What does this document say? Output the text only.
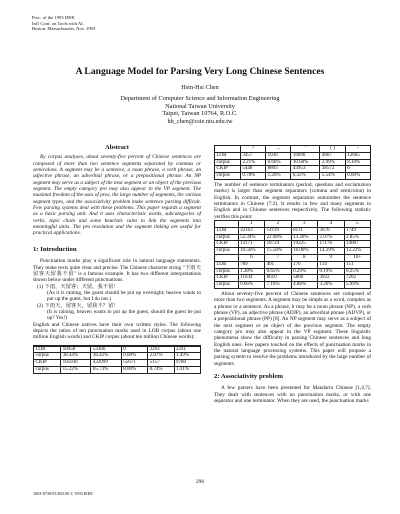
Proc. of the 1993 IEEE
Int'l Conf. on Tools with AI,
Boston, Massachusetts, Nov. 1993
A Language Model for Parsing Very Long Chinese Sentences
Hsin-Hsi Chen
Department of Computer Science and Information Engineering
National Taiwan University
Taipei, Taiwan 10764, R.O.C.
hh_chen@csie.ntu.edu.tw
Abstract

By corpus analyses, about seventy-five percent of Chinese sentences are composed of more than two sentence segments separated by commas or semicolons. A segment may be a sentence, a noun phrase, a verb phrase, an adjective phrase, an adverbial phrase, or a prepositional phrase. An NP segment may serve as a subject of the next segment or an object of the previous segment. The empty category pro may also appear in the VP segment. The maximal freedom of the uses of pros, the large number of segments, the various segment types, and the associativity problem make sentence parsing difficult. Few parsing systems deal with these problems. This paper regards a segment as a basic parsing unit. And it uses characteristic words, subcategories of verbs, topic chain and some heuristic rules to link the segments into meaningful units. The pro resolution and the segment linking are useful for practical applications.

1: Introduction

Punctuation marks play a significant role in natural language statements. They make texts quite clear and precise. The Chinese character string "下雨天留客天留我不留" is a famous example. It has two different interpretations shown below under different punctuations.

(1) 下雨，天留客；天留，我不留！

(As it is raining, the guest should be put up overnight; heaven wants to put up the guest, but I do not.)

(2) 下雨天，留客天，留我不？留！

(It is raining, heaven wants to put up the guest, should the guest be put up? Yes!)

English and Chinese natives have their own written styles. The following depicts the ratios of ten punctuation marks used in LOB corpus (about one million English words) and CKIP corpus (about ten million Chinese words):

LOB	56958	53366	0	3293	2241
corpus	38.44%	36.42%	0.00%	2.07%	1.49%
CKIP	105930	422099	55671	5157	9780
corpus	15.22%	65.73%	8.00%	0.74%	1.41%
	!	...	' '	( )	-
LOB	3457	1030	16690	4667	12665
corpus	2.21%	0.66%	10.68%	2.99%	8.10%
CKIP	5448	8803	43953	38572	6
corpus	0.78%	1.26%	6.32%	5.54%	0.00%

The number of sentence terminators (period, question and exclamation marks) is larger than segment separators (comma and semicolon) in English. In contrast, the segment separators outnumber the sentence terminators in Chinese (7:2). It results in few and many segments in English and in Chinese sentences respectively. The following statistic verifies this point:

	1	2	3	4	5
LOB	32163	14119	8111	3670	1749
corpus	52.34%	22.98%	13.20%	5.97%	2.85%
CKIP	13171	18724	19225	17176	14087
corpus	10.56%	15.58%	16.00%	14.29%	12.22%
	6	7	8	9	10+
LOB	789	401	176	114	151
corpus	1.28%	0.65%	0.29%	0.19%	0.25%
CKIP	11634	8610	5860	3922	7202
corpus	9.66%	7.16%	4.88%	3.26%	5.99%

About seventy-five percent of Chinese sentences are composed of more than two segments. A segment may be simple as a word, complex as a phrase or a sentence. As a phrase, it may be a noun phrase (NP), a verb phrase (VP), an adjective phrase (ADJP), an adverbial phrase (ADVP), or a prepositional phrase (PP) [8]. An NP segment may serve as a subject of the next segment or an object of the previous segment. The empty category pro may also appear in the VP segment. These linguistic phenomena show the difficulty in parsing Chinese sentences and long English ones. Few papers touched on the effects of punctuation marks in the natural language processing systems. This paper will propose a parsing system to resolve the problems introduced by the large number of segments.

2: Associativity problem

A few parsers have been presented for Mandarin Chinese [1,4,7]. They dealt with sentences with no punctuation marks, or with one separator and one terminator. When they are used, the punctuation marks

296
1063-6730/93 $03.00 © 1993 IEEE
